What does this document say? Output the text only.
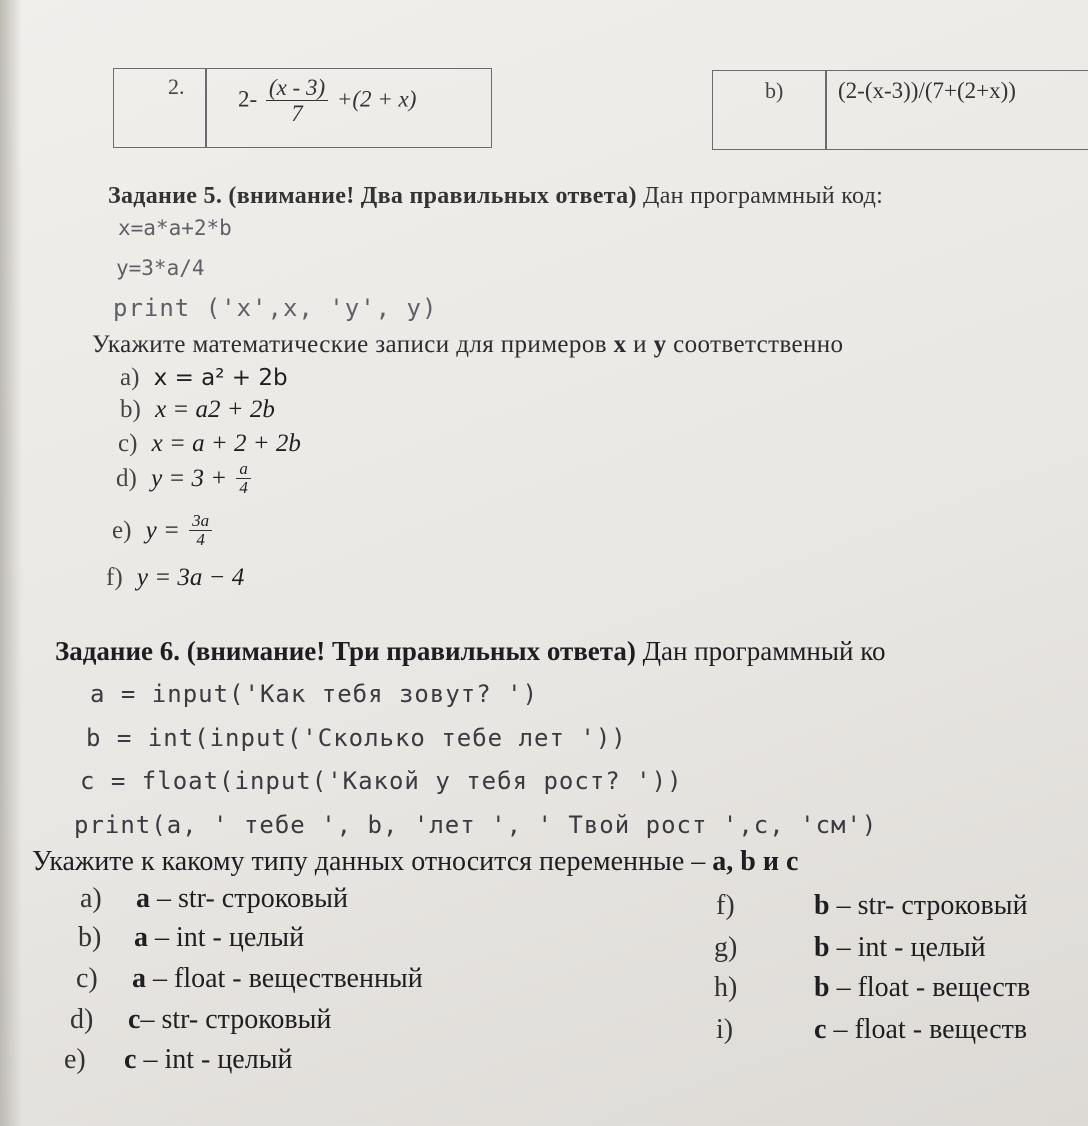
2. $2- \frac{(x - 3)}{7} +(2 + x)$	b) (2-(x-3))/(7+(2+x))
Задание 5. (внимание! Два правильных ответа) Дан программный код:
x=a*a+2*b
y=3*a/4
print ('x',x, 'y', y)
Укажите математические записи для примеров x и y соответственно
a) x = a² + 2b
b) x = a2 + 2b
c) x = a + 2 + 2b
d) $y = 3 + \frac{a}{4}$
e) $y = \frac{3a}{4}$
f) y = 3a − 4
Задание 6. (внимание! Три правильных ответа) Дан программный ко
a = input('Как тебя зовут? ')
b = int(input('Сколько тебе лет '))
c = float(input('Какой у тебя рост? '))
print(a, ' тебе ', b, 'лет ', ' Твой рост ',c, 'см')
Укажите к какому типу данных относится переменные – a, b и c
a) a – str- строковый
b) a – int - целый
c) a – float - вещественный
d) c– str- строковый
e) c – int - целый
f)	b – str- строковый
g)	b – int - целый
h)	b – float - веществ
i)	c – float - веществ
